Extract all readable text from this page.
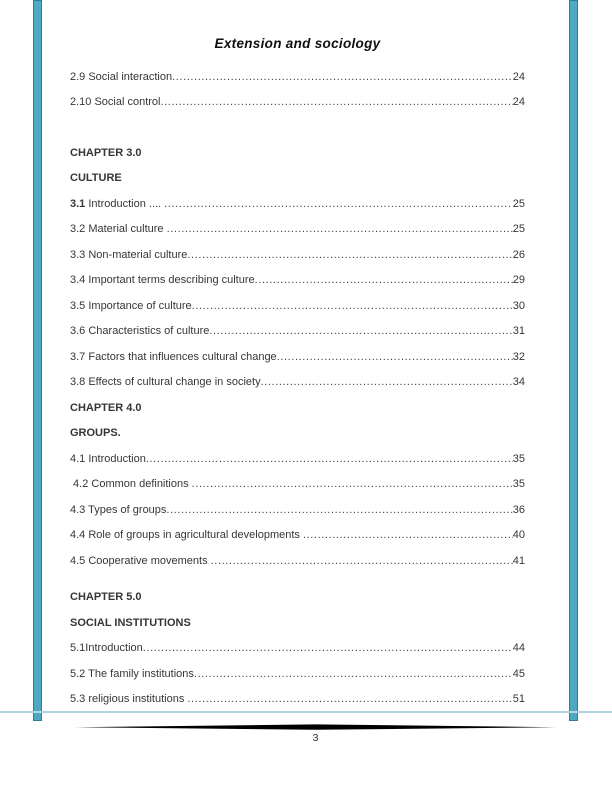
Extension and sociology
2.9 Social interaction .....	24
2.10 Social control .....	24
CHAPTER 3.0
CULTURE
3.1 Introduction .... .....	25
3.2 Material culture .....	25
3.3 Non-material culture .....	26
3.4 Important terms describing culture .....	29
3.5 Importance of culture .....	30
3.6 Characteristics of culture .....	31
3.7 Factors that influences cultural change .....	32
3.8 Effects of cultural change in society .....	34
CHAPTER 4.0
GROUPS.
4.1 Introduction .....	35
4.2 Common definitions .....	35
4.3 Types of groups .....	36
4.4 Role of groups in agricultural developments .....	40
4.5 Cooperative movements .....	41
CHAPTER 5.0
SOCIAL INSTITUTIONS
5.1Introduction .....	44
5.2 The family institutions .....	45
5.3 religious institutions .....	51
3
